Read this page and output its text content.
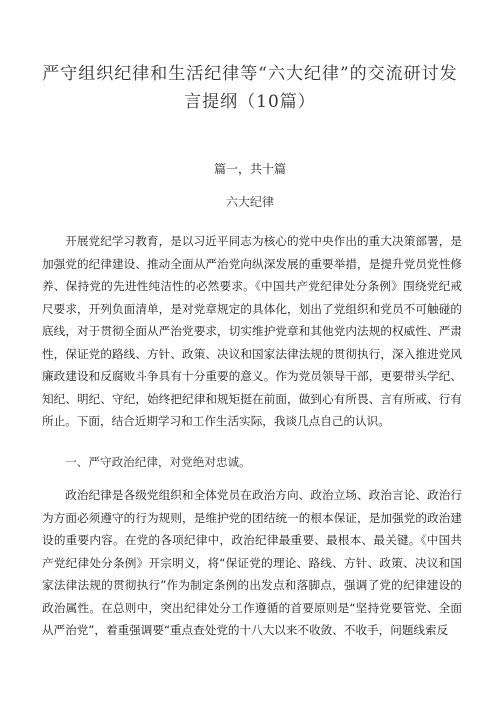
严守组织纪律和生活纪律等“六大纪律”的交流研讨发言提纲（10篇）

篇一，共十篇

六大纪律

开展党纪学习教育，是以习近平同志为核心的党中央作出的重大决策部署，是加强党的纪律建设、推动全面从严治党向纵深发展的重要举措，是提升党员党性修养、保持党的先进性纯洁性的必然要求。《中国共产党纪律处分条例》围绕党纪戒尺要求，开列负面清单，是对党章规定的具体化，划出了党组织和党员不可触碰的底线，对于贯彻全面从严治党要求，切实维护党章和其他党内法规的权威性、严肃性，保证党的路线、方针、政策、决议和国家法律法规的贯彻执行，深入推进党风廉政建设和反腐败斗争具有十分重要的意义。作为党员领导干部，更要带头学纪、知纪、明纪、守纪，始终把纪律和规矩挺在前面，做到心有所畏、言有所戒、行有所止。下面，结合近期学习和工作生活实际，我谈几点自己的认识。

一、严守政治纪律，对党绝对忠诚。

政治纪律是各级党组织和全体党员在政治方向、政治立场、政治言论、政治行为方面必须遵守的行为规则，是维护党的团结统一的根本保证，是加强党的政治建设的重要内容。在党的各项纪律中，政治纪律最重要、最根本、最关键。《中国共产党纪律处分条例》开宗明义，将“保证党的理论、路线、方针、政策、决议和国家法律法规的贯彻执行”作为制定条例的出发点和落脚点，强调了党的纪律建设的政治属性。在总则中，突出纪律处分工作遵循的首要原则是“坚持党要管党、全面从严治党”，着重强调要“重点查处党的十八大以来不收敛、不收手，问题线索反
